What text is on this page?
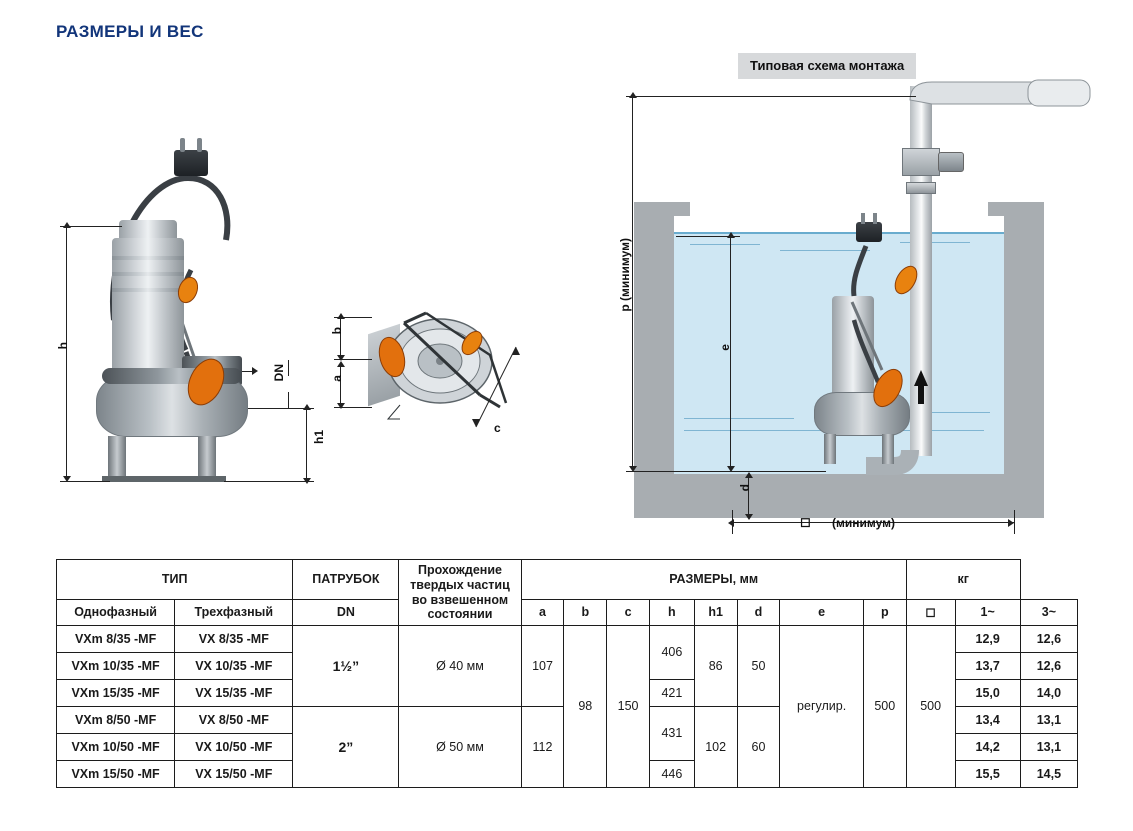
РАЗМЕРЫ И ВЕС
h
DN
h1
b
a
c
Типовая схема монтажа
p (минимум)
e
d
◻ (минимум)
ТИП		ПАТРУБОК	Прохождение твердых частиц во взвешенном состоянии	РАЗМЕРЫ, мм								кг		
Однофазный	Трехфазный	DN		a	b	c	h	h1	d	e	p	◻	1~	3~
VXm 8/35 -MF	VX 8/35 -MF	1½”	Ø 40 мм	107	98	150	406	86	50	регулир.	500	500	12,9	12,6
VXm 10/35 -MF	VX 10/35 -MF												13,7	12,6
VXm 15/35 -MF	VX 15/35 -MF						421						15,0	14,0
VXm 8/50 -MF	VX 8/50 -MF	2”	Ø 50 мм	112			431	102	60				13,4	13,1
VXm 10/50 -MF	VX 10/50 -MF												14,2	13,1
VXm 15/50 -MF	VX 15/50 -MF						446						15,5	14,5
